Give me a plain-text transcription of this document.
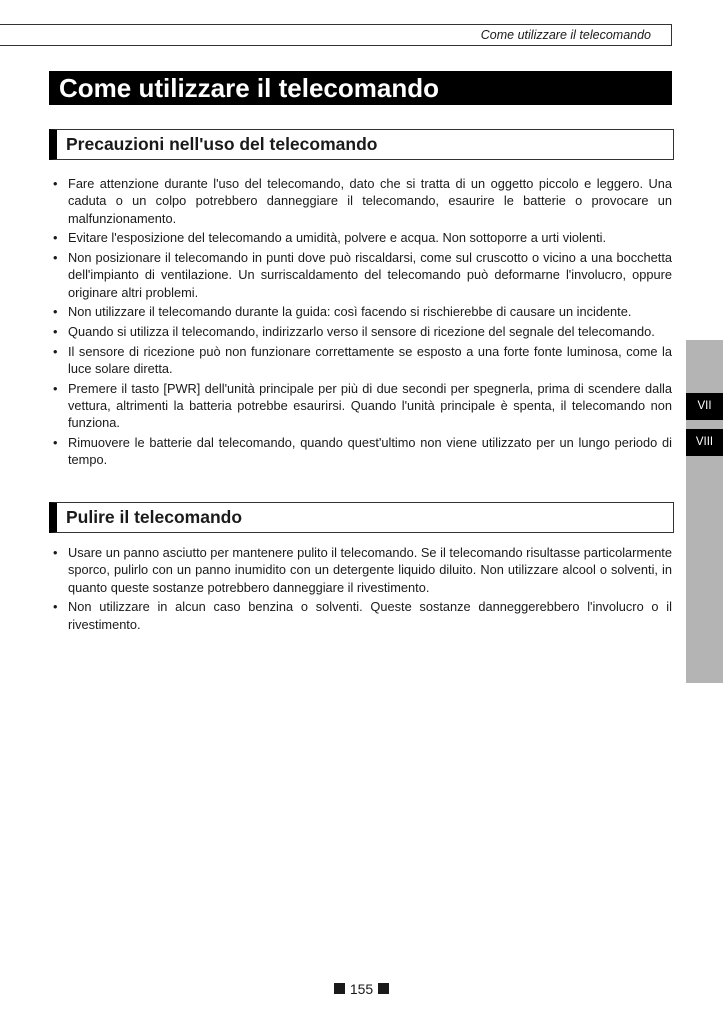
Come utilizzare il telecomando
Come utilizzare il telecomando
Precauzioni nell'uso del telecomando
• Fare attenzione durante l'uso del telecomando, dato che si tratta di un oggetto piccolo e leggero. Una caduta o un colpo potrebbero danneggiare il telecomando, esaurire le batterie o provocare un malfunzionamento.
• Evitare l'esposizione del telecomando a umidità, polvere e acqua. Non sottoporre a urti violenti.
• Non posizionare il telecomando in punti dove può riscaldarsi, come sul cruscotto o vicino a una bocchetta dell'impianto di ventilazione. Un surriscaldamento del telecomando può deformarne l'involucro, oppure originare altri problemi.
• Non utilizzare il telecomando durante la guida: così facendo si rischierebbe di causare un incidente.
• Quando si utilizza il telecomando, indirizzarlo verso il sensore di ricezione del segnale del telecomando.
• Il sensore di ricezione può non funzionare correttamente se esposto a una forte fonte luminosa, come la luce solare diretta.
• Premere il tasto [PWR] dell'unità principale per più di due secondi per spegnerla, prima di scendere dalla vettura, altrimenti la batteria potrebbe esaurirsi. Quando l'unità principale è spenta, il telecomando non funziona.
• Rimuovere le batterie dal telecomando, quando quest'ultimo non viene utilizzato per un lungo periodo di tempo.
Pulire il telecomando
• Usare un panno asciutto per mantenere pulito il telecomando. Se il telecomando risultasse particolarmente sporco, pulirlo con un panno inumidito con un detergente liquido diluito. Non utilizzare alcool o solventi, in quanto queste sostanze potrebbero danneggiare il rivestimento.
• Non utilizzare in alcun caso benzina o solventi. Queste sostanze danneggerebbero l'involucro o il rivestimento.
VII
VIII
155
